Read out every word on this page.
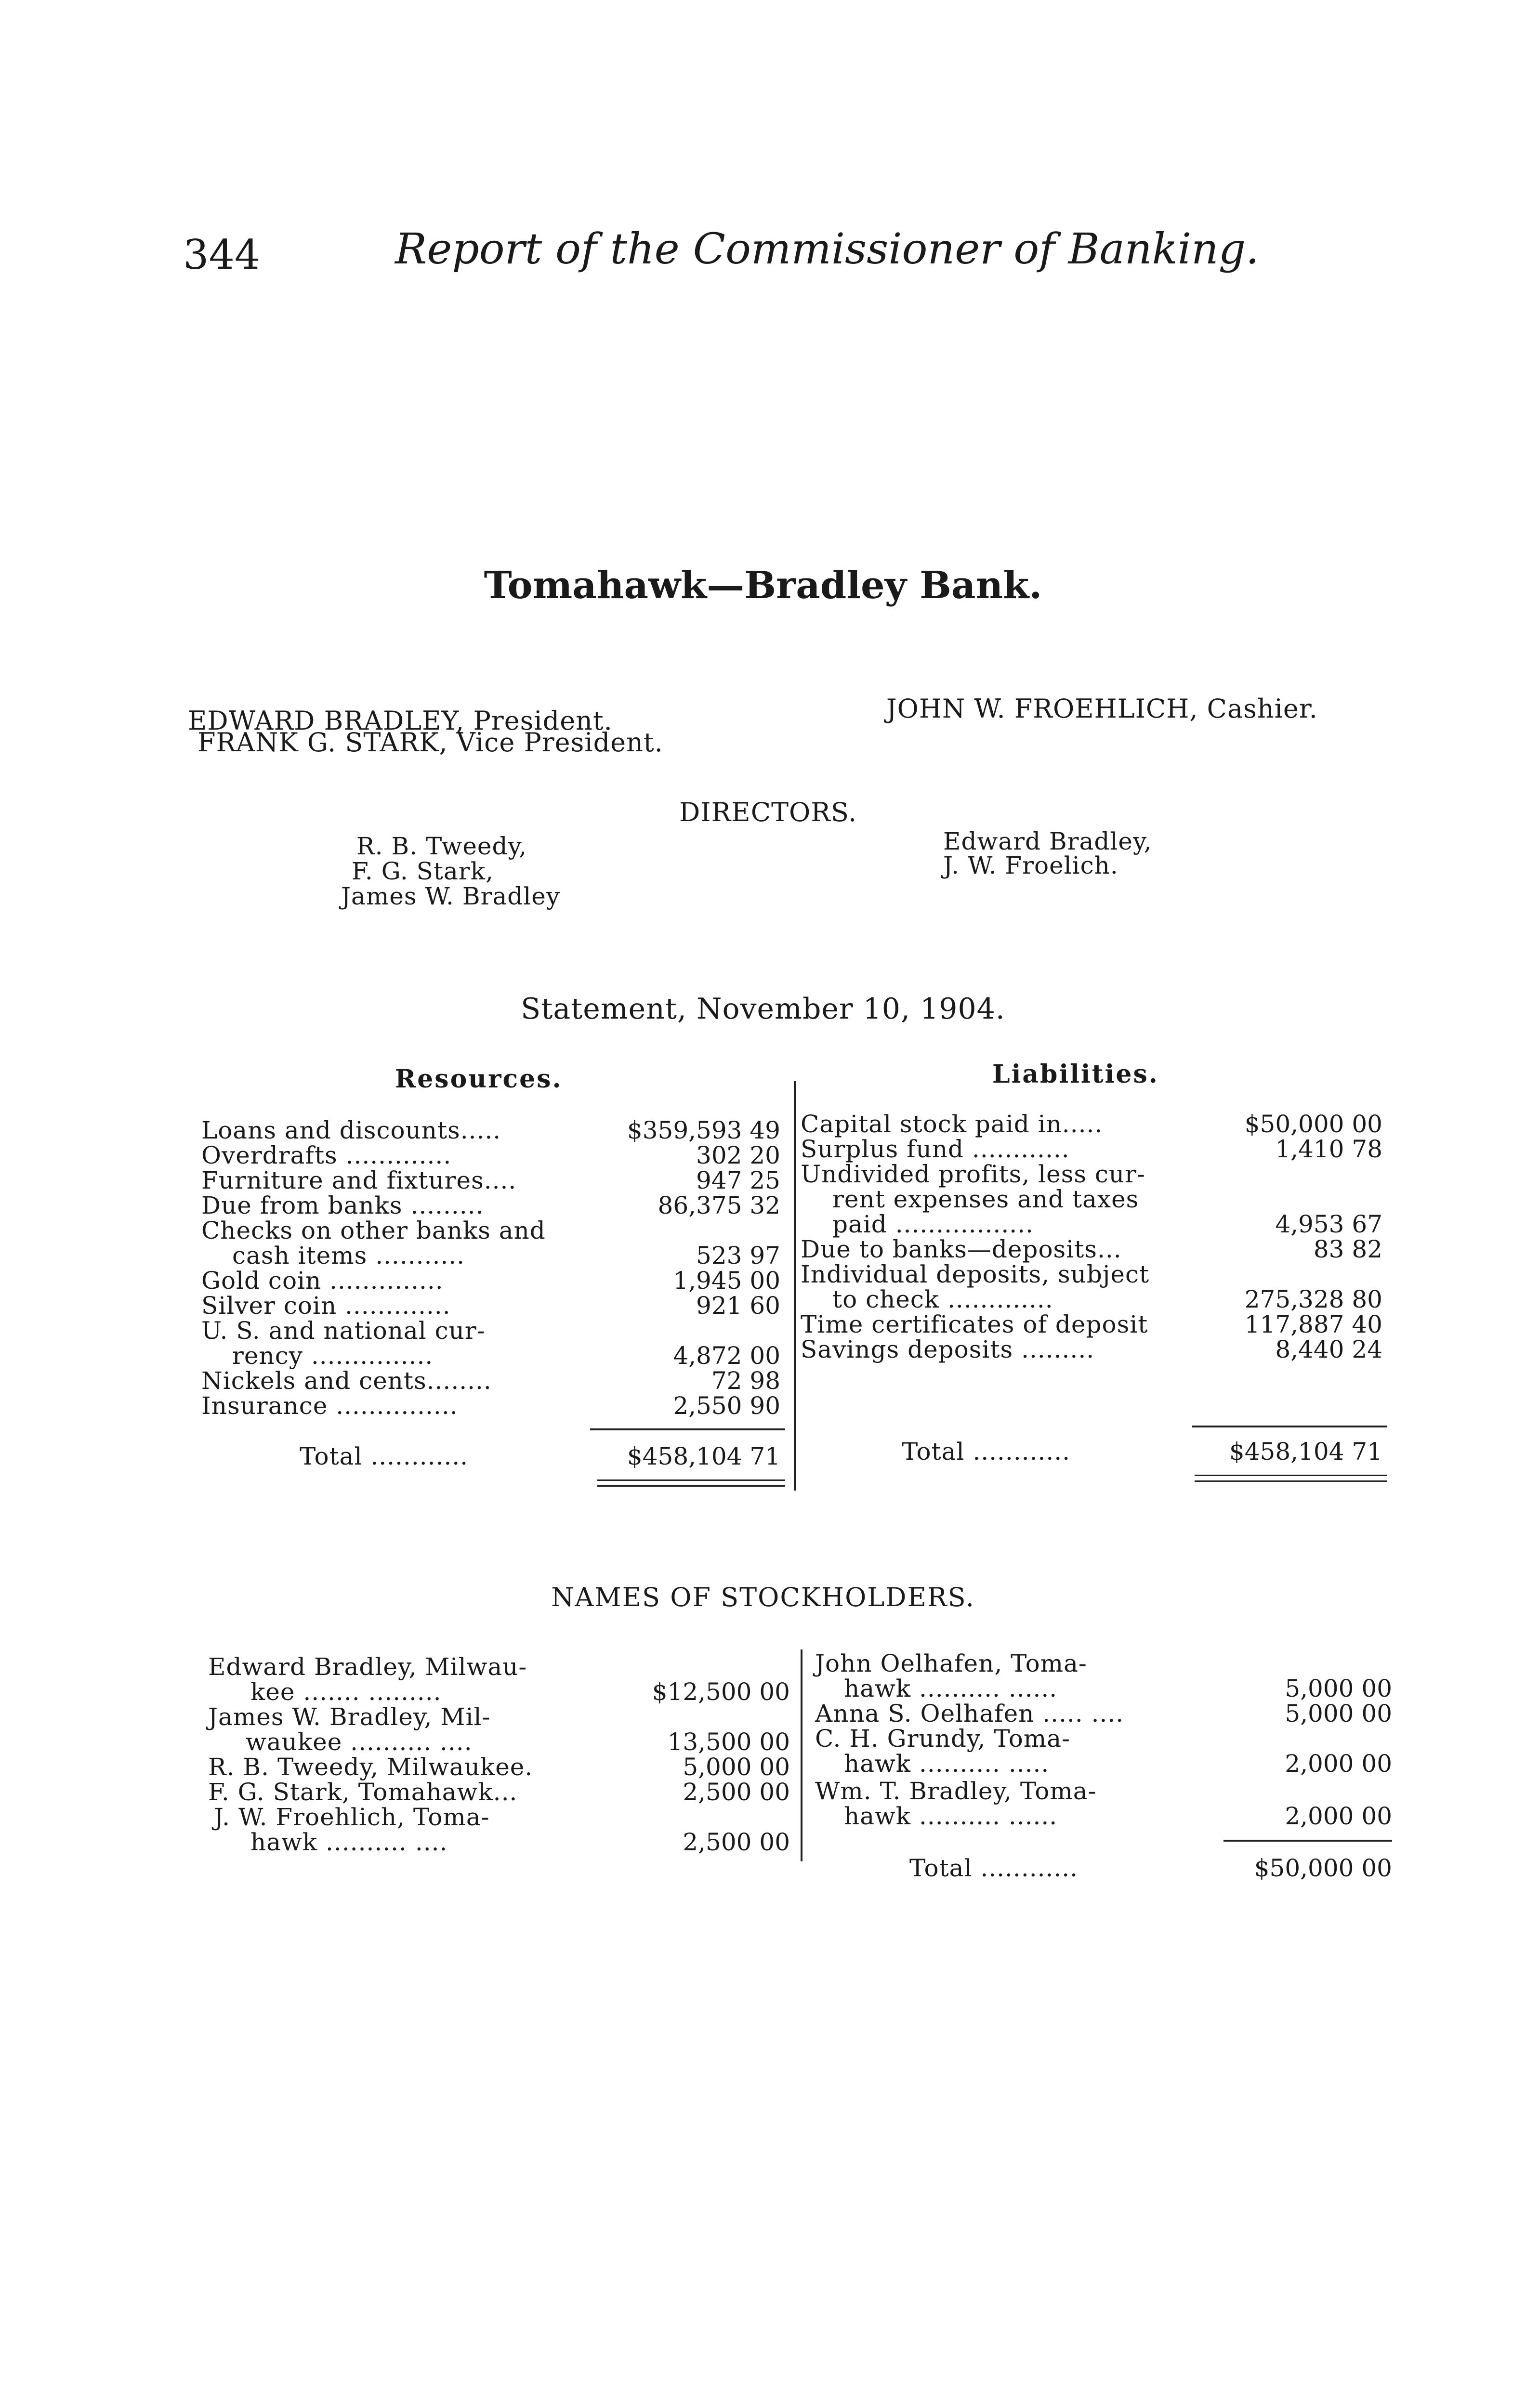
344	Report of the Commissioner of Banking.
Tomahawk—Bradley Bank.
EDWARD BRADLEY, President.
FRANK G. STARK, Vice President.
JOHN W. FROEHLICH, Cashier.
DIRECTORS.
R. B. Tweedy,
F. G. Stark,
James W. Bradley
Edward Bradley,
J. W. Froelich.
Statement, November 10, 1904.
Resources.	Liabilities.
Loans and discounts.....	$359,593 49
Overdrafts .............	302 20
Furniture and fixtures....	947 25
Due from banks .........	86,375 32
Checks on other banks and
cash items ...........	523 97
Gold coin ..............	1,945 00
Silver coin .............	921 60
U. S. and national cur-
rency ...............	4,872 00
Nickels and cents........	72 98
Insurance ...............	2,550 90
Total ............	$458,104 71
Capital stock paid in.....	$50,000 00
Surplus fund ............	1,410 78
Undivided profits, less cur-
rent expenses and taxes
paid .................	4,953 67
Due to banks—deposits...	83 82
Individual deposits, subject
to check .............	275,328 80
Time certificates of deposit	117,887 40
Savings deposits .........	8,440 24
Total ............	$458,104 71
NAMES OF STOCKHOLDERS.
Edward Bradley, Milwau-
kee ....... .........	$12,500 00
James W. Bradley, Mil-
waukee .......... ....	13,500 00
R. B. Tweedy, Milwaukee.	5,000 00
F. G. Stark, Tomahawk...	2,500 00
J. W. Froehlich, Toma-
hawk .......... ....	2,500 00
John Oelhafen, Toma-
hawk .......... ......	5,000 00
Anna S. Oelhafen ..... ....	5,000 00
C. H. Grundy, Toma-
hawk .......... .....	2,000 00
Wm. T. Bradley, Toma-
hawk .......... ......	2,000 00
Total ............	$50,000 00
